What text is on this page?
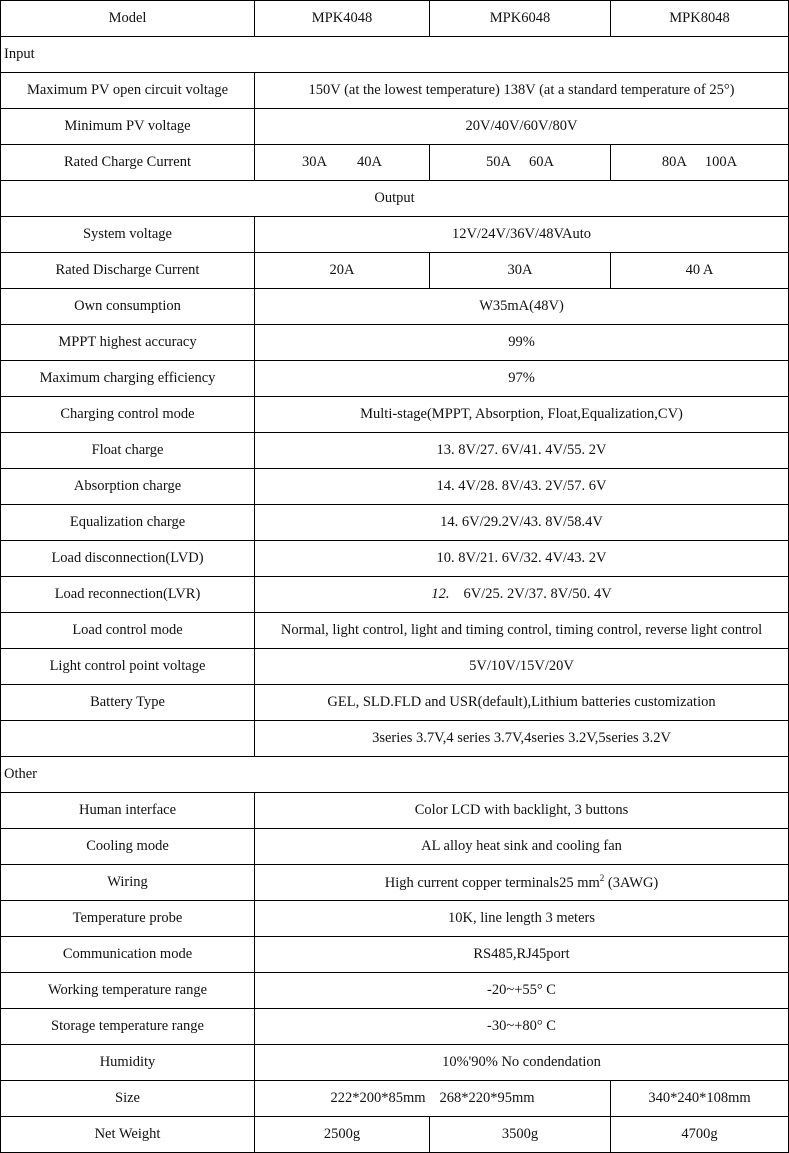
Model	MPK4048	MPK6048	MPK8048
Input			
Maximum PV open circuit voltage	150V (at the lowest temperature) 138V (at a standard temperature of 25°)		
Minimum PV voltage	20V/40V/60V/80V		
Rated Charge Current	30A 40A	50A 60A	80A 100A
Output			
System voltage	12V/24V/36V/48VAuto		
Rated Discharge Current	20A	30A	40 A
Own consumption	W35mA(48V)		
MPPT highest accuracy	99%		
Maximum charging efficiency	97%		
Charging control mode	Multi-stage(MPPT, Absorption, Float,Equalization,CV)		
Float charge	13. 8V/27. 6V/41. 4V/55. 2V		
Absorption charge	14. 4V/28. 8V/43. 2V/57. 6V		
Equalization charge	14. 6V/29.2V/43. 8V/58.4V		
Load disconnection(LVD)	10. 8V/21. 6V/32. 4V/43. 2V		
Load reconnection(LVR)	12. 6V/25. 2V/37. 8V/50. 4V		
Load control mode	Normal, light control, light and timing control, timing control, reverse light control		
Light control point voltage	5V/10V/15V/20V		
Battery Type	GEL, SLD.FLD and USR(default),Lithium batteries customization		
	3series 3.7V,4 series 3.7V,4series 3.2V,5series 3.2V		
Other			
Human interface	Color LCD with backlight, 3 buttons		
Cooling mode	AL alloy heat sink and cooling fan		
Wiring	High current copper terminals25 $mm^2$ (3AWG)		
Temperature probe	10K, line length 3 meters		
Communication mode	RS485,RJ45port		
Working temperature range	-20~+55° C		
Storage temperature range	-30~+80° C		
Humidity	10%'90% No condendation		
Size	222*200*85mm 268*220*95mm		340*240*108mm
Net Weight	2500g	3500g	4700g
